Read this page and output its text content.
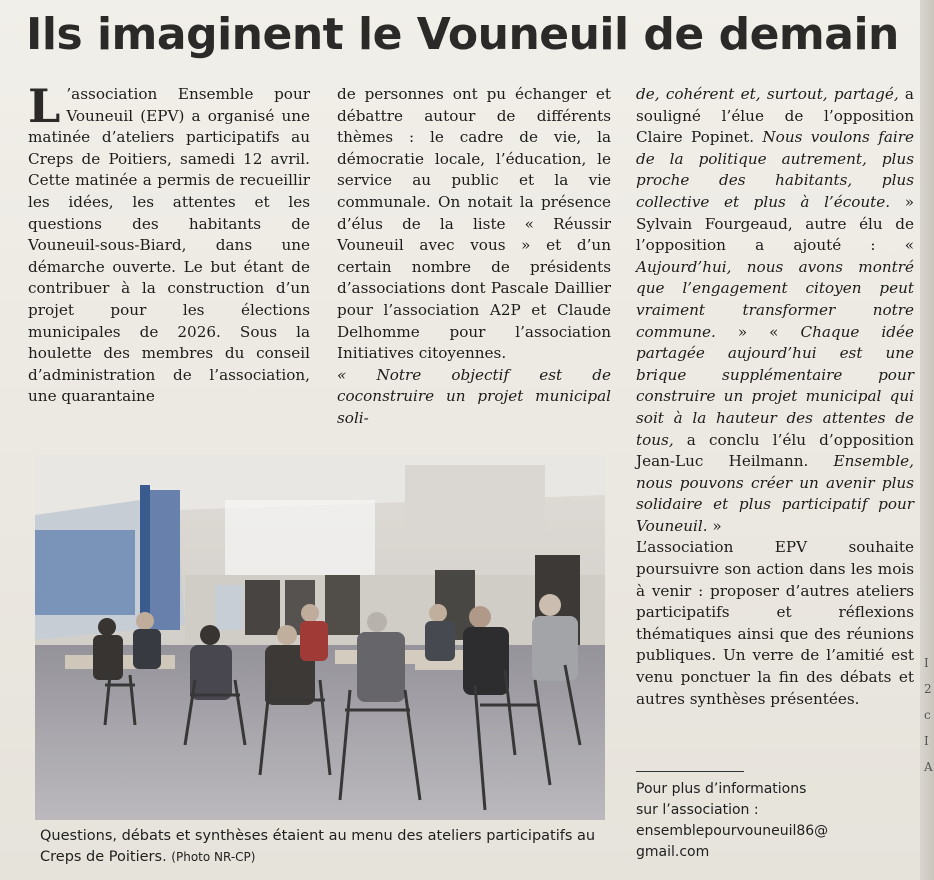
Ils imaginent le Vouneuil de demain

L ’association Ensemble pour Vouneuil (EPV) a organisé une matinée d’ateliers participatifs au Creps de Poitiers, samedi 12 avril. Cette matinée a permis de recueillir les idées, les attentes et les questions des habitants de Vouneuil-sous-Biard, dans une démarche ouverte. Le but étant de contribuer à la construction d’un projet pour les élections municipales de 2026. Sous la houlette des membres du conseil d’administration de l’association, une quarantaine

de personnes ont pu échanger et débattre autour de différents thèmes : le cadre de vie, la démocratie locale, l’éducation, le service au public et la vie communale. On notait la présence d’élus de la liste « Réussir Vouneuil avec vous » et d’un certain nombre de présidents d’associations dont Pascale Daillier pour l’association A2P et Claude Delhomme pour l’association Initiatives citoyennes.
« Notre objectif est de coconstruire un projet municipal soli-

de, cohérent et, surtout, partagé, a souligné l’élue de l’opposition Claire Popinet. Nous voulons faire de la politique autrement, plus proche des habitants, plus collective et plus à l’écoute. » Sylvain Fourgeaud, autre élu de l’opposition a ajouté : « Aujourd’hui, nous avons montré que l’engagement citoyen peut vraiment transformer notre commune. » « Chaque idée partagée aujourd’hui est une brique supplémentaire pour construire un projet municipal qui soit à la hauteur des attentes de tous, a conclu l’élu d’opposition Jean-Luc Heilmann. Ensemble, nous pouvons créer un avenir plus solidaire et plus participatif pour Vouneuil. »

L’association EPV souhaite poursuivre son action dans les mois à venir : proposer d’autres ateliers participatifs et réflexions thématiques ainsi que des réunions publiques. Un verre de l’amitié est venu ponctuer la fin des débats et autres synthèses présentées.

Questions, débats et synthèses étaient au menu des ateliers participatifs au Creps de Poitiers. (Photo NR-CP)
Pour plus d’informations
sur l’association :
ensemblepourvouneuil86@
gmail.com
I
2
c
I
A
